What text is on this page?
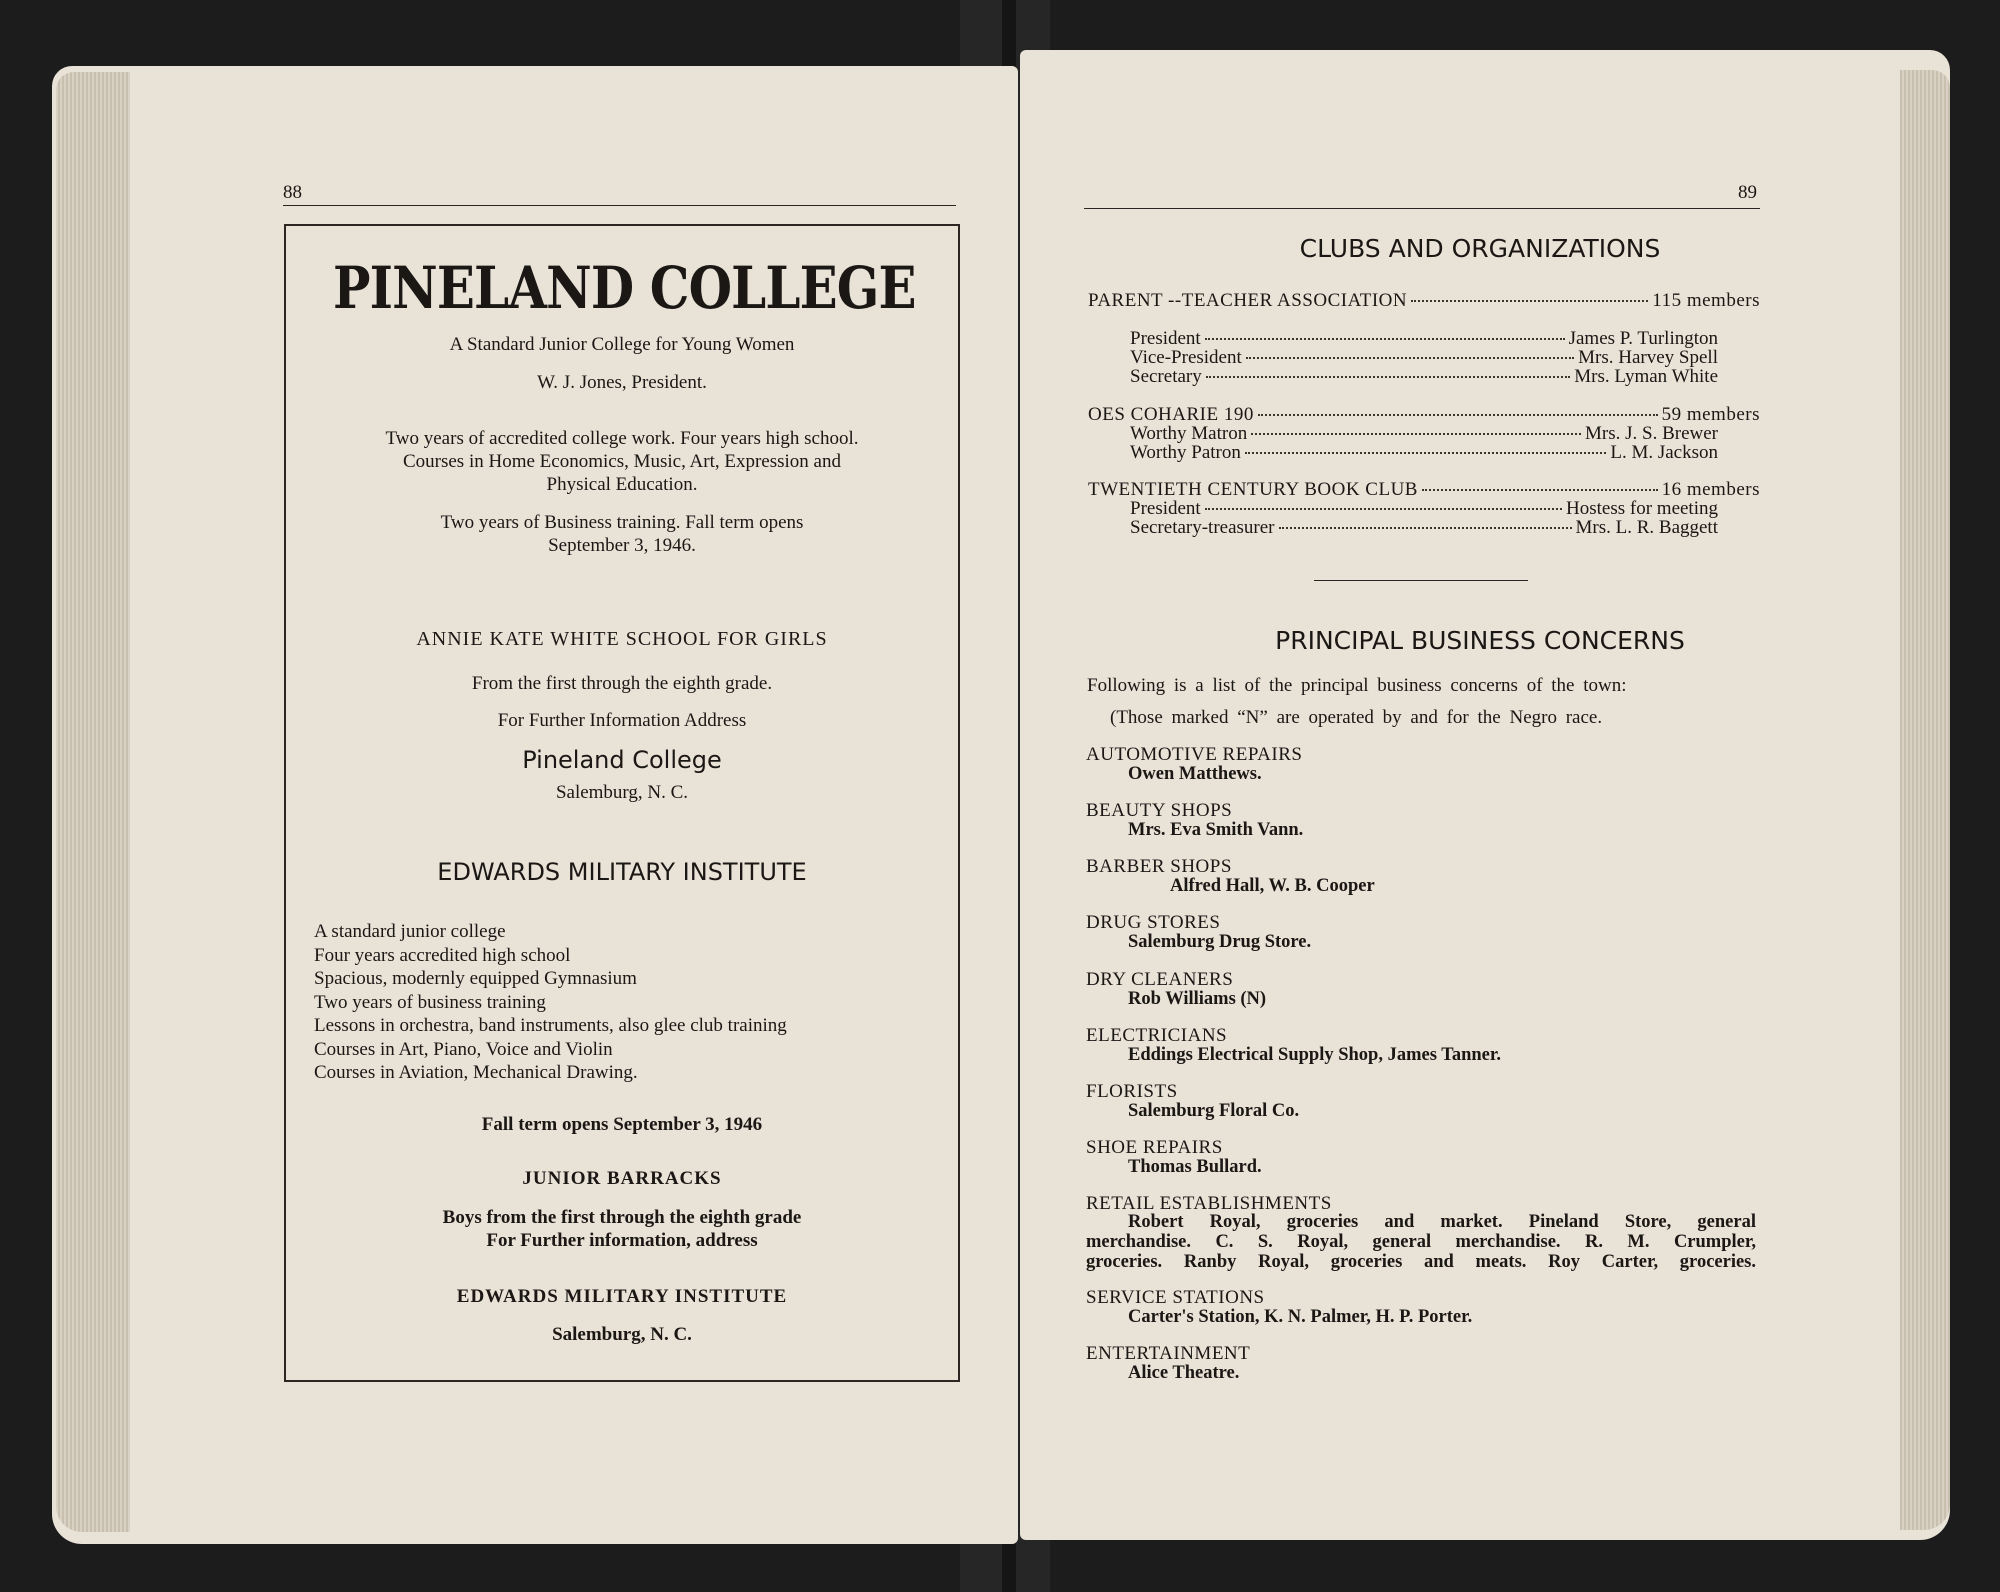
88
PINELAND COLLEGE
A Standard Junior College for Young Women
W. J. Jones, President.
Two years of accredited college work. Four years high school.
Courses in Home Economics, Music, Art, Expression and
Physical Education.
Two years of Business training. Fall term opens
September 3, 1946.
ANNIE KATE WHITE SCHOOL FOR GIRLS
From the first through the eighth grade.
For Further Information Address
Pineland College
Salemburg, N. C.
EDWARDS MILITARY INSTITUTE
A standard junior college
Four years accredited high school
Spacious, modernly equipped Gymnasium
Two years of business training
Lessons in orchestra, band instruments, also glee club training
Courses in Art, Piano, Voice and Violin
Courses in Aviation, Mechanical Drawing.
Fall term opens September 3, 1946
JUNIOR BARRACKS
Boys from the first through the eighth grade
For Further information, address
EDWARDS MILITARY INSTITUTE
Salemburg, N. C.
89
CLUBS AND ORGANIZATIONS
PARENT --TEACHER ASSOCIATION	115 members
President	James P. Turlington
Vice-President	Mrs. Harvey Spell
Secretary	Mrs. Lyman White
OES COHARIE 190	59 members
Worthy Matron	Mrs. J. S. Brewer
Worthy Patron	L. M. Jackson
TWENTIETH CENTURY BOOK CLUB	16 members
President	Hostess for meeting
Secretary-treasurer	Mrs. L. R. Baggett
PRINCIPAL BUSINESS CONCERNS
Following is a list of the principal business concerns of the town:
(Those marked “N” are operated by and for the Negro race.
AUTOMOTIVE REPAIRS
Owen Matthews.
BEAUTY SHOPS
Mrs. Eva Smith Vann.
BARBER SHOPS
Alfred Hall, W. B. Cooper
DRUG STORES
Salemburg Drug Store.
DRY CLEANERS
Rob Williams (N)
ELECTRICIANS
Eddings Electrical Supply Shop, James Tanner.
FLORISTS
Salemburg Floral Co.
SHOE REPAIRS
Thomas Bullard.
RETAIL ESTABLISHMENTS
Robert Royal, groceries and market. Pineland Store, general
merchandise. C. S. Royal, general merchandise. R. M. Crumpler,
groceries. Ranby Royal, groceries and meats. Roy Carter, groceries.
SERVICE STATIONS
Carter's Station, K. N. Palmer, H. P. Porter.
ENTERTAINMENT
Alice Theatre.
